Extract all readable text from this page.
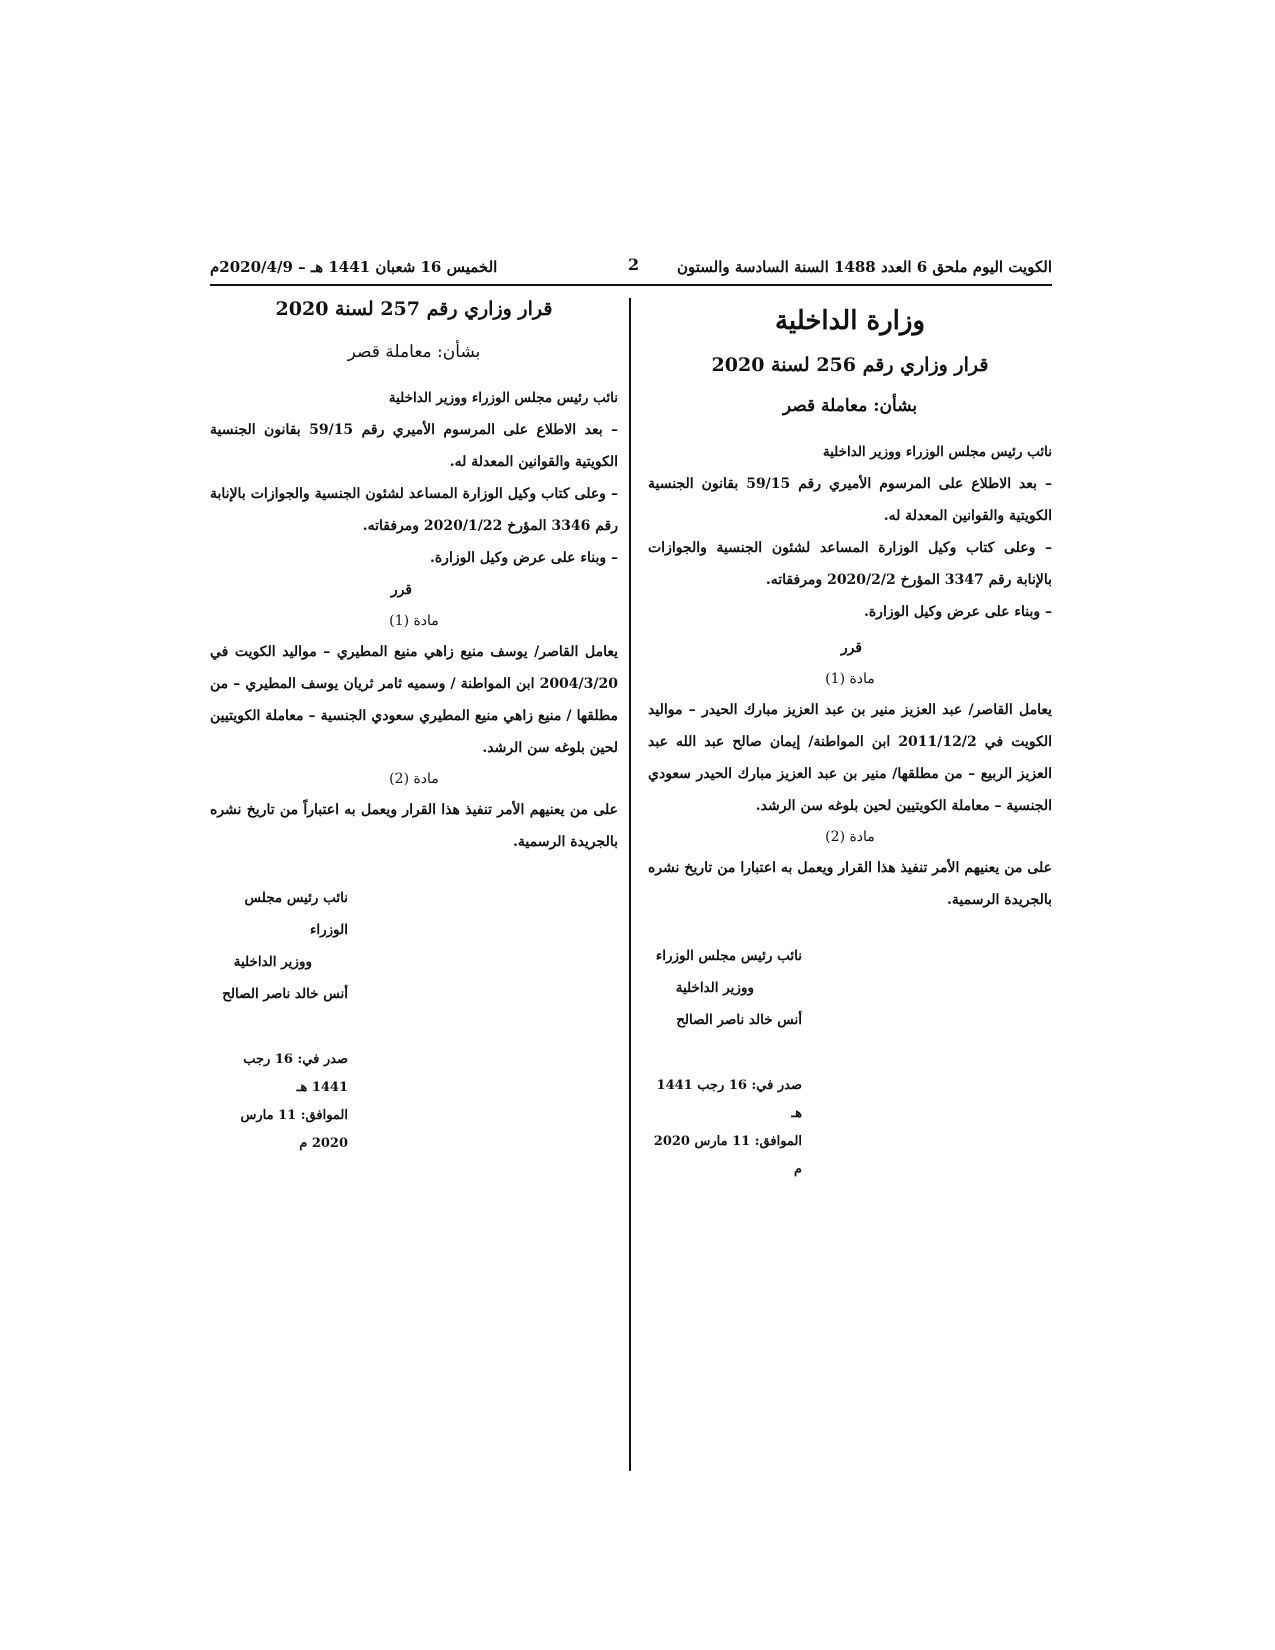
الكويت اليوم ملحق 6 العدد 1488 السنة السادسة والستون
2
الخميس 16 شعبان 1441 هـ – 2020/4/9م
وزارة الداخلية
قرار وزاري رقم 256 لسنة 2020
بشأن: معاملة قصر

نائب رئيس مجلس الوزراء ووزير الداخلية

– بعد الاطلاع على المرسوم الأميري رقم 59/15 بقانون الجنسية الكويتية والقوانين المعدلة له.

– وعلى كتاب وكيل الوزارة المساعد لشئون الجنسية والجوازات بالإنابة رقم 3347 المؤرخ 2020/2/2 ومرفقاته.

– وبناء على عرض وكيل الوزارة.

قرر

مادة (1)

يعامل القاصر/ عبد العزيز منير بن عبد العزيز مبارك الحيدر – مواليد الكويت في 2011/12/2 ابن المواطنة/ إيمان صالح عبد الله عبد العزيز الربيع – من مطلقها/ منير بن عبد العزيز مبارك الحيدر سعودي الجنسية – معاملة الكويتيين لحين بلوغه سن الرشد.

مادة (2)

على من يعنيهم الأمر تنفيذ هذا القرار ويعمل به اعتبارا من تاريخ نشره بالجريدة الرسمية.

نائب رئيس مجلس الوزراء

ووزير الداخلية

أنس خالد ناصر الصالح

صدر في: 16 رجب 1441 هـ

الموافق: 11 مارس 2020 م

قرار وزاري رقم 257 لسنة 2020
بشأن: معاملة قصر

نائب رئيس مجلس الوزراء ووزير الداخلية

– بعد الاطلاع على المرسوم الأميري رقم 59/15 بقانون الجنسية الكويتية والقوانين المعدلة له.

– وعلى كتاب وكيل الوزارة المساعد لشئون الجنسية والجوازات بالإنابة رقم 3346 المؤرخ 2020/1/22 ومرفقاته.

– وبناء على عرض وكيل الوزارة.

قرر

مادة (1)

يعامل القاصر/ يوسف منيع زاهي منيع المطيري – مواليد الكويت في 2004/3/20 ابن المواطنة / وسميه ثامر ثريان يوسف المطيري – من مطلقها / منيع زاهي منيع المطيري سعودي الجنسية – معاملة الكويتيين لحين بلوغه سن الرشد.

مادة (2)

على من يعنيهم الأمر تنفيذ هذا القرار ويعمل به اعتباراً من تاريخ نشره بالجريدة الرسمية.

نائب رئيس مجلس الوزراء

ووزير الداخلية

أنس خالد ناصر الصالح

صدر في: 16 رجب 1441 هـ

الموافق: 11 مارس 2020 م
